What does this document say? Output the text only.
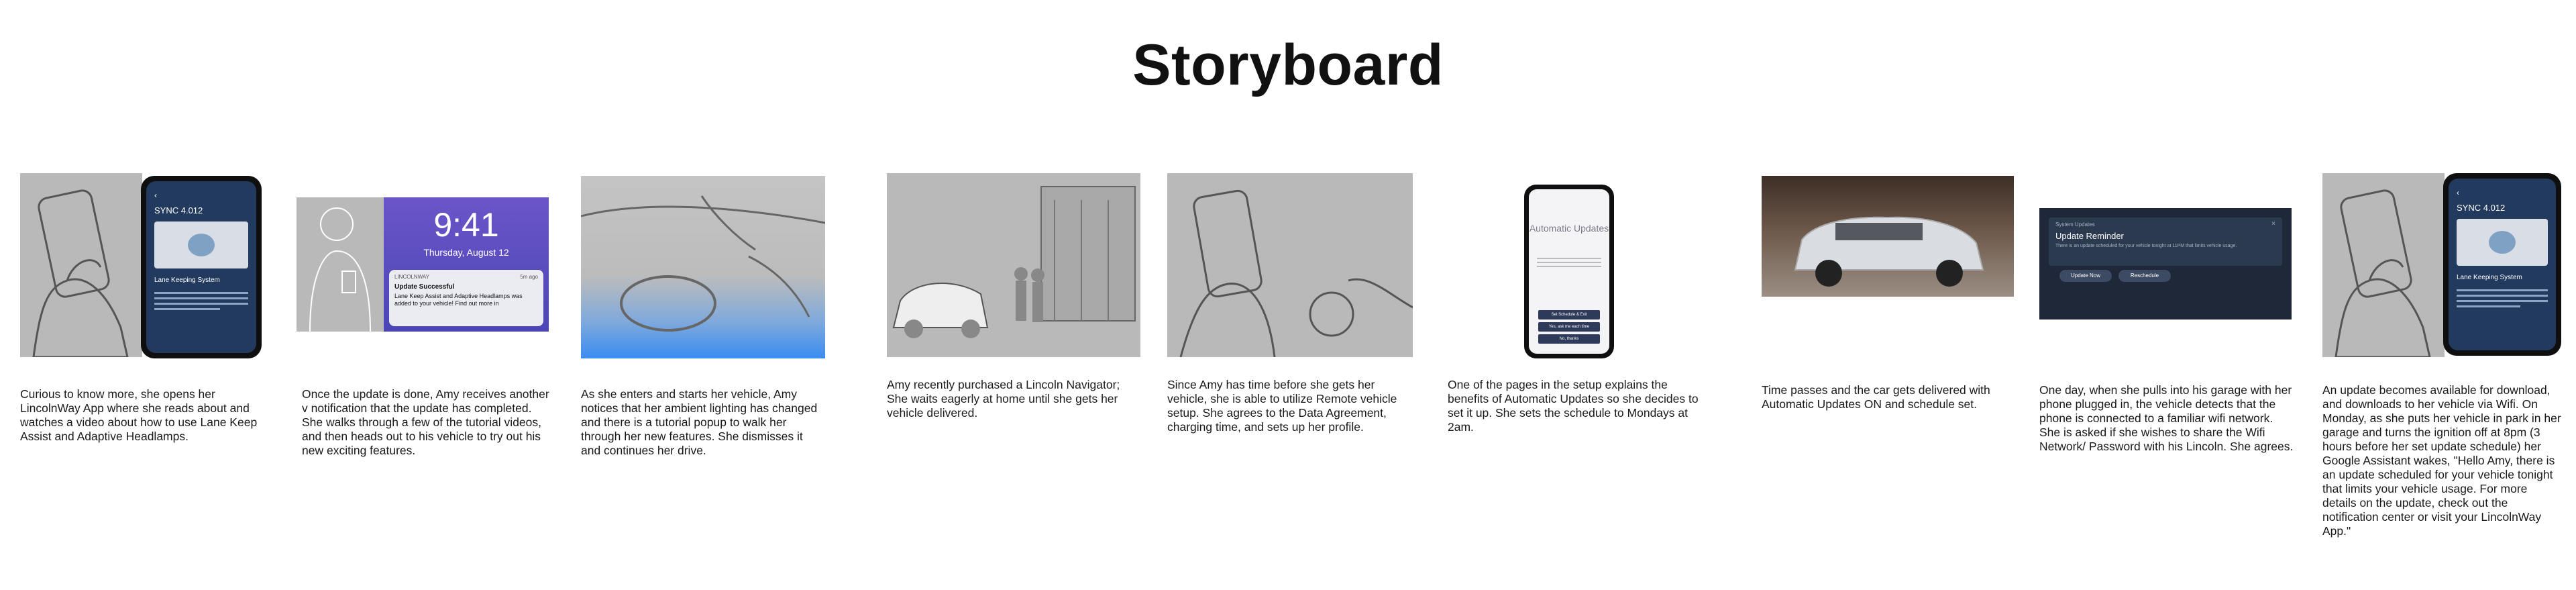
Storyboard
‹
SYNC 4.012
Lane Keeping System
Curious to know more, she opens her LincolnWay App where she reads about and watches a video about how to use Lane Keep Assist and Adaptive Headlamps.
9:41
Thursday, August 12
LINCOLNWAY	5m ago
Update Successful
Lane Keep Assist and Adaptive Headlamps was added to your vehicle! Find out more in
Once the update is done, Amy receives another v notification that the update has completed. She walks through a few of the tutorial videos, and then heads out to his vehicle to try out his new exciting features.
As she enters and starts her vehicle, Amy notices that her ambient lighting has changed and there is a tutorial popup to walk her through her new features. She dismisses it and continues her drive.
Amy recently purchased a Lincoln Navigator; She waits eagerly at home until she gets her vehicle delivered.
Since Amy has time before she gets her vehicle, she is able to utilize Remote vehicle setup. She agrees to the Data Agreement, charging time, and sets up her profile.
Automatic Updates
Set Schedule & Exit
Yes, ask me each time
No, thanks
One of the pages in the setup explains the benefits of Automatic Updates so she decides to set it up. She sets the schedule to Mondays at 2am.
Time passes and the car gets delivered with Automatic Updates ON and schedule set.
System Updates	×
Update Reminder
There is an update scheduled for your vehicle tonight at 11PM that limits vehicle usage.
Update Now	Reschedule
One day, when she pulls into his garage with her phone plugged in, the vehicle detects that the phone is connected to a familiar wifi network. She is asked if she wishes to share the Wifi Network/ Password with his Lincoln. She agrees.
‹
SYNC 4.012
Lane Keeping System
An update becomes available for download, and downloads to her vehicle via Wifi. On Monday, as she puts her vehicle in park in her garage and turns the ignition off at 8pm (3 hours before her set update schedule) her Google Assistant wakes, "Hello Amy, there is an update scheduled for your vehicle tonight that limits your vehicle usage. For more details on the update, check out the notification center or visit your LincolnWay App."
